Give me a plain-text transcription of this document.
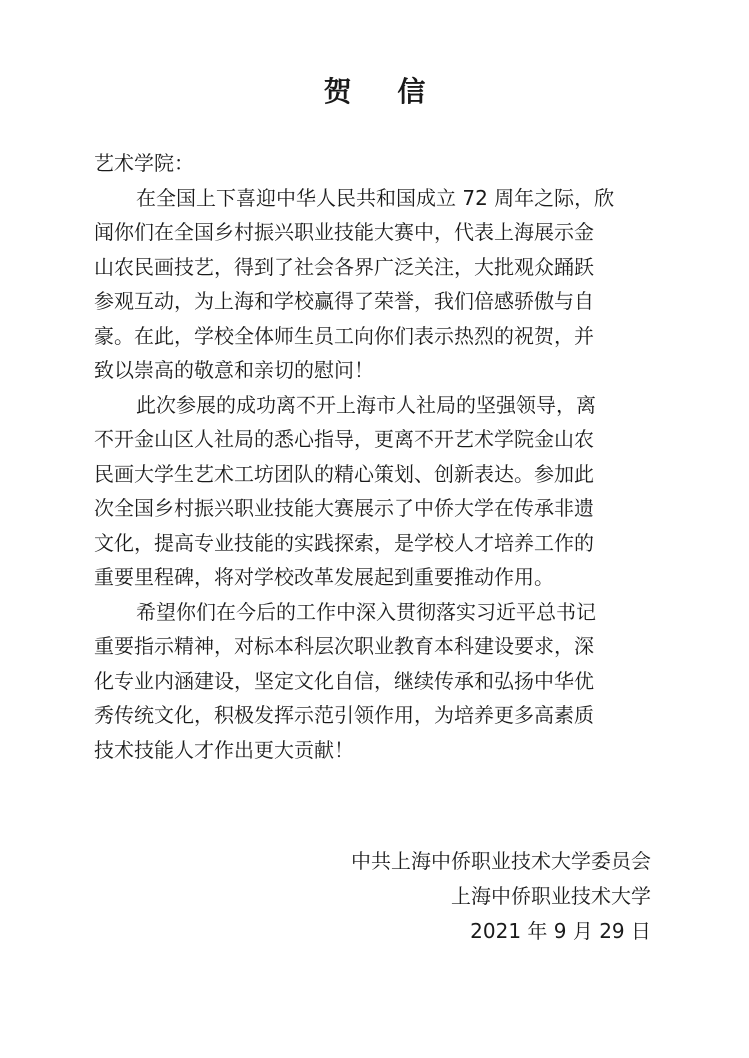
贺 信

艺术学院：

在全国上下喜迎中华人民共和国成立 72 周年之际，欣
闻你们在全国乡村振兴职业技能大赛中，代表上海展示金
山农民画技艺，得到了社会各界广泛关注，大批观众踊跃
参观互动，为上海和学校赢得了荣誉，我们倍感骄傲与自
豪。在此，学校全体师生员工向你们表示热烈的祝贺，并
致以崇高的敬意和亲切的慰问！
此次参展的成功离不开上海市人社局的坚强领导，离
不开金山区人社局的悉心指导，更离不开艺术学院金山农
民画大学生艺术工坊团队的精心策划、创新表达。参加此
次全国乡村振兴职业技能大赛展示了中侨大学在传承非遗
文化，提高专业技能的实践探索，是学校人才培养工作的
重要里程碑，将对学校改革发展起到重要推动作用。
希望你们在今后的工作中深入贯彻落实习近平总书记
重要指示精神，对标本科层次职业教育本科建设要求，深
化专业内涵建设，坚定文化自信，继续传承和弘扬中华优
秀传统文化，积极发挥示范引领作用，为培养更多高素质
技术技能人才作出更大贡献！
中共上海中侨职业技术大学委员会
上海中侨职业技术大学
2021 年 9 月 29 日
